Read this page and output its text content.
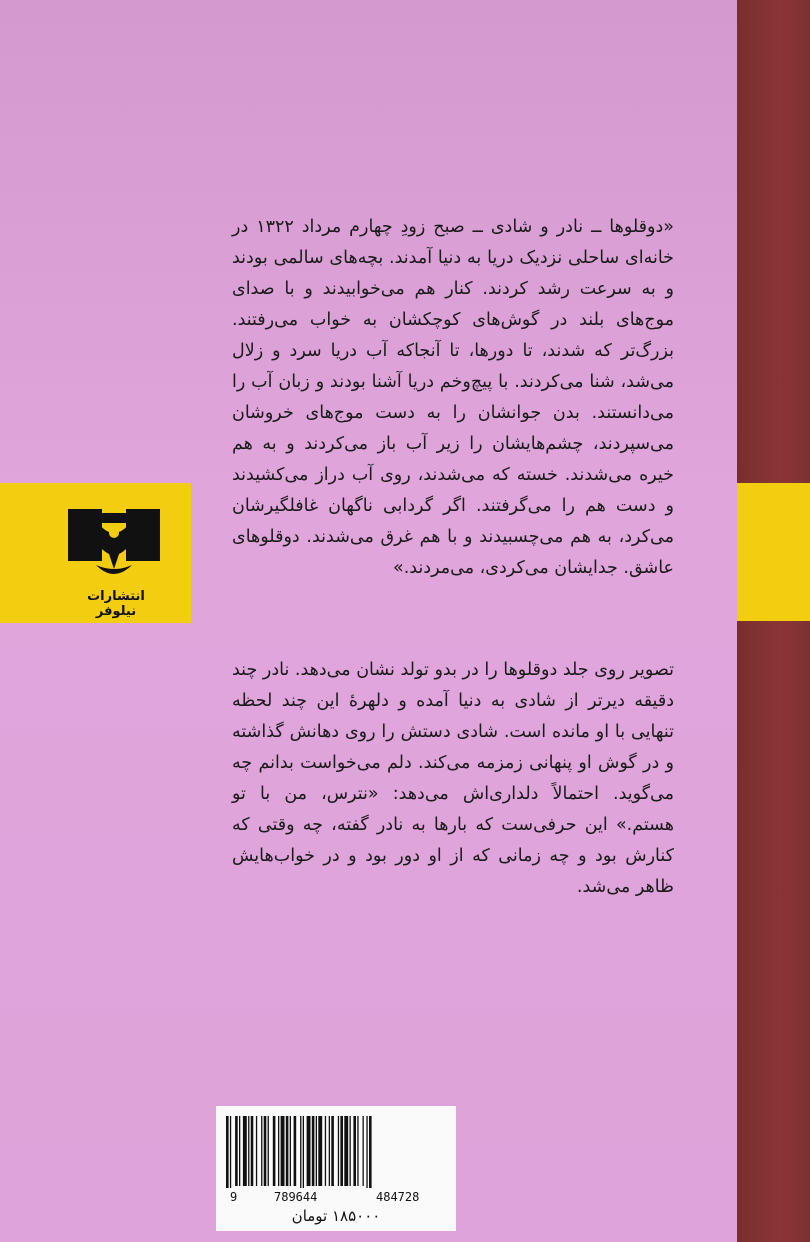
انتشارات نیلوفر
«دوقلوها ــ نادر و شادی ــ صبح زودِ چهارم مرداد ۱۳۲۲ در خانه‌ای ساحلی نزدیک دریا به دنیا آمدند. بچه‌های سالمی بودند و به سرعت رشد کردند. کنار هم می‌خوابیدند و با صدای موج‌های بلند در گوش‌های کوچکشان به خواب می‌رفتند. بزرگ‌تر که شدند، تا دورها، تا آنجاکه آب دریا سرد و زلال می‌شد، شنا می‌کردند. با پیچ‌وخم دریا آشنا بودند و زبان آب را می‌دانستند. بدن جوانشان را به دست موج‌های خروشان می‌سپردند، چشم‌هایشان را زیر آب باز می‌کردند و به هم خیره می‌شدند. خسته که می‌شدند، روی آب دراز می‌کشیدند و دست هم را می‌گرفتند. اگر گردابی ناگهان غافلگیرشان می‌کرد، به هم می‌چسبیدند و با هم غرق می‌شدند. دوقلوهای عاشق. جدایشان می‌کردی، می‌مردند.»
تصویر روی جلد دوقلوها را در بدو تولد نشان می‌دهد. نادر چند دقیقه دیرتر از شادی به دنیا آمده و دلهرهٔ این چند لحظه تنهایی با او مانده است. شادی دستش را روی دهانش گذاشته و در گوش او پنهانی زمزمه می‌کند. دلم می‌خواست بدانم چه می‌گوید. احتمالاً دلداری‌اش می‌دهد: «نترس، من با تو هستم.» این حرفی‌ست که بارها به نادر گفته، چه وقتی که کنارش بود و چه زمانی که از او دور بود و در خواب‌هایش ظاهر می‌شد.
9	789644	484728
۱۸۵۰۰۰ تومان
